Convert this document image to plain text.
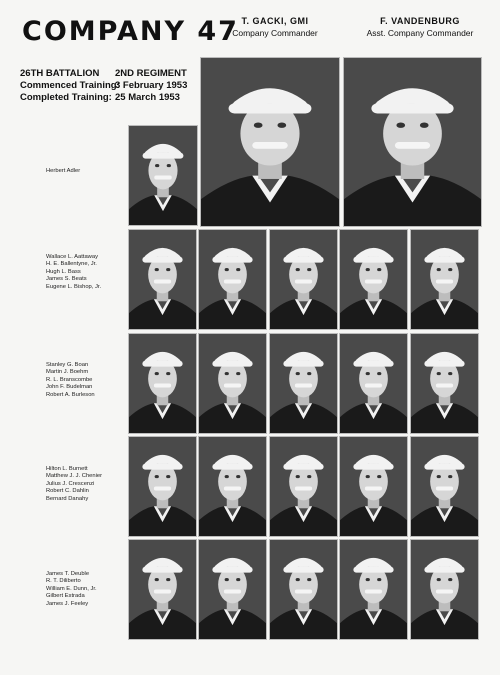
COMPANY 47 T. GACKI, GMI
Company Commander
F. VANDENBURG
Asst. Company Commander
26TH BATTALION	2ND REGIMENT
Commenced Training:
3 February 1953
Completed Training: 25 March 1953
Herbert Adler
Wallace L. Aattaway
H. E. Ballentyne, Jr.
Hugh L. Bass
James S. Beats
Eugene L. Bishop, Jr.
Stanley G. Boan
Martin J. Boehm
R. L. Branscombe
John F. Budelman
Robert A. Burleson
Hilton L. Burnett
Matthew J. J. Chenier
Julius J. Crescenzi
Robert C. Dahlin
Bernard Danahy
James T. Deuble
R. T. Diliberto
William E. Dunn, Jr.
Gilbert Estrada
James J. Feeley
